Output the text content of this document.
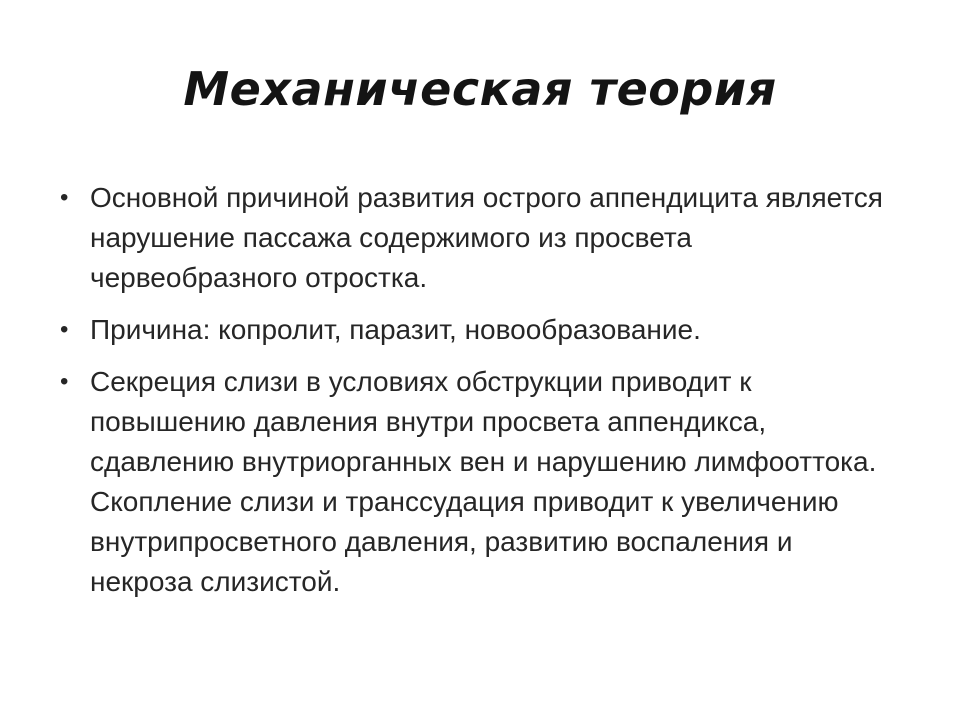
Механическая теория
• Основной причиной развития острого аппендицита является нарушение пассажа содержимого из просвета червеобразного отростка.
• Причина: копролит, паразит, новообразование.
• Секреция слизи в условиях обструкции приводит к повышению давления внутри просвета аппендикса, сдавлению внутриорганных вен и нарушению лимфооттока. Скопление слизи и транссудация приводит к увеличению внутрипросветного давления, развитию воспаления и некроза слизистой.
